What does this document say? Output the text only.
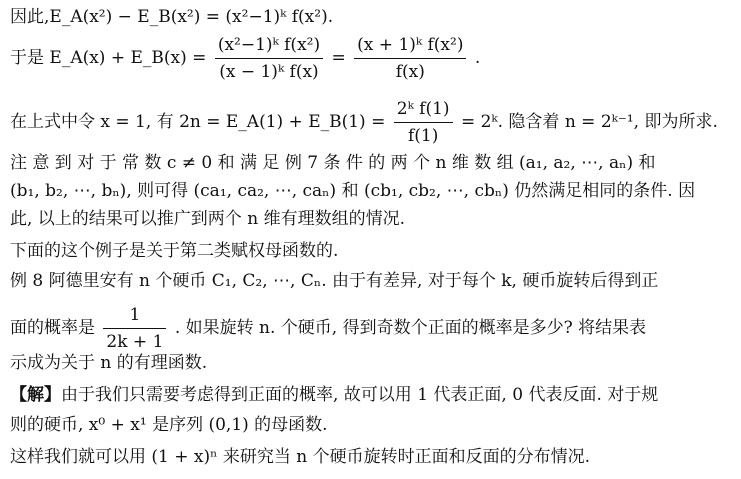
因此,E_A(x²) − E_B(x²) = (x²−1)ᵏ f(x²).
于是 E_A(x) + E_B(x) = $\frac{\text{(x²−1)ᵏ f(x²)}}{\text{(x − 1)ᵏ f(x)}} = \frac{\text{(x + 1)ᵏ f(x²)}}{f(x)}$ .
在上式中令 x = 1, 有 2n = E_A(1) + E_B(1) = $\frac{\text{2ᵏ f(1)}}{f(1)}$ = 2ᵏ. 隐含着 n = 2ᵏ⁻¹, 即为所求.
注 意 到 对 于 常 数 c ≠ 0 和 满 足 例 7 条 件 的 两 个 n 维 数 组 (a₁, a₂, ⋯, aₙ) 和
(b₁, b₂, ⋯, bₙ), 则可得 (ca₁, ca₂, ⋯, caₙ) 和 (cb₁, cb₂, ⋯, cbₙ) 仍然满足相同的条件. 因
此, 以上的结果可以推广到两个 n 维有理数组的情况.
下面的这个例子是关于第二类赋权母函数的.
例 8 阿德里安有 n 个硬币 C₁, C₂, ⋯, Cₙ. 由于有差异, 对于每个 k, 硬币旋转后得到正
面的概率是 $\frac{1}{2k + 1}$ . 如果旋转 n. 个硬币, 得到奇数个正面的概率是多少? 将结果表
示成为关于 n 的有理函数.
【解】由于我们只需要考虑得到正面的概率, 故可以用 1 代表正面, 0 代表反面. 对于规
则的硬币, x⁰ + x¹ 是序列 (0,1) 的母函数.
这样我们就可以用 (1 + x)ⁿ 来研究当 n 个硬币旋转时正面和反面的分布情况.
